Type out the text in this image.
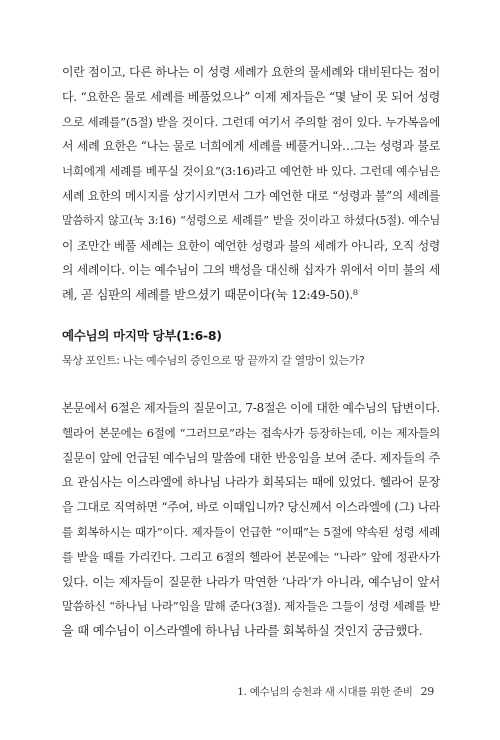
이란 점이고, 다른 하나는 이 성령 세례가 요한의 물세례와 대비된다는 점이
다. “요한은 물로 세례를 베풀었으나” 이제 제자들은 “몇 날이 못 되어 성령
으로 세례를”(5절) 받을 것이다. 그런데 여기서 주의할 점이 있다. 누가복음에
서 세례 요한은 “나는 물로 너희에게 세례를 베풀거니와…그는 성령과 불로
너희에게 세례를 베푸실 것이요”(3:16)라고 예언한 바 있다. 그런데 예수님은
세례 요한의 메시지를 상기시키면서 그가 예언한 대로 “성령과 불”의 세례를
말씀하지 않고(눅 3:16) “성령으로 세례를” 받을 것이라고 하셨다(5절). 예수님
이 조만간 베풀 세례는 요한이 예언한 성령과 불의 세례가 아니라, 오직 성령
의 세례이다. 이는 예수님이 그의 백성을 대신해 십자가 위에서 이미 불의 세
례, 곧 심판의 세례를 받으셨기 때문이다(눅 12:49-50).⁸
예수님의 마지막 당부(1:6-8)
묵상 포인트: 나는 예수님의 증인으로 땅 끝까지 갈 열망이 있는가?
본문에서 6절은 제자들의 질문이고, 7-8절은 이에 대한 예수님의 답변이다.
헬라어 본문에는 6절에 “그러므로”라는 접속사가 등장하는데, 이는 제자들의
질문이 앞에 언급된 예수님의 말씀에 대한 반응임을 보여 준다. 제자들의 주
요 관심사는 이스라엘에 하나님 나라가 회복되는 때에 있었다. 헬라어 문장
을 그대로 직역하면 “주여, 바로 이때입니까? 당신께서 이스라엘에 (그) 나라
를 회복하시는 때가”이다. 제자들이 언급한 “이때”는 5절에 약속된 성령 세례
를 받을 때를 가리킨다. 그리고 6절의 헬라어 본문에는 “나라” 앞에 정관사가
있다. 이는 제자들이 질문한 나라가 막연한 ‘나라’가 아니라, 예수님이 앞서
말씀하신 “하나님 나라”임을 말해 준다(3절). 제자들은 그들이 성령 세례를 받
을 때 예수님이 이스라엘에 하나님 나라를 회복하실 것인지 궁금했다.
1. 예수님의 승천과 새 시대를 위한 준비 29
